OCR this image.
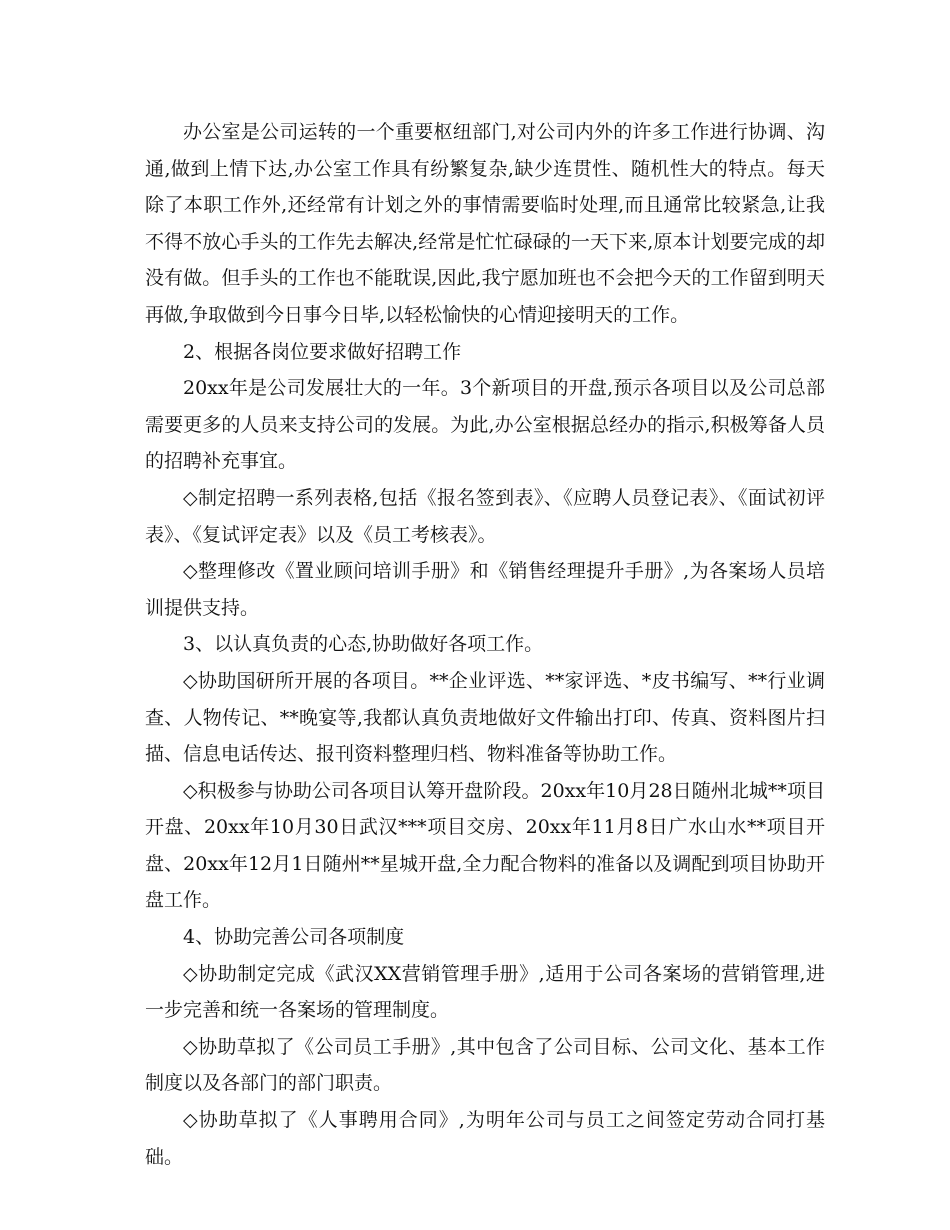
办公室是公司运转的一个重要枢纽部门,对公司内外的许多工作进行协调、沟通,做到上情下达,办公室工作具有纷繁复杂,缺少连贯性、随机性大的特点。每天除了本职工作外,还经常有计划之外的事情需要临时处理,而且通常比较紧急,让我不得不放心手头的工作先去解决,经常是忙忙碌碌的一天下来,原本计划要完成的却没有做。但手头的工作也不能耽误,因此,我宁愿加班也不会把今天的工作留到明天再做,争取做到今日事今日毕,以轻松愉快的心情迎接明天的工作。

2、根据各岗位要求做好招聘工作

20xx年是公司发展壮大的一年。3个新项目的开盘,预示各项目以及公司总部需要更多的人员来支持公司的发展。为此,办公室根据总经办的指示,积极筹备人员的招聘补充事宜。

◇制定招聘一系列表格,包括《报名签到表》、《应聘人员登记表》、《面试初评表》、《复试评定表》以及《员工考核表》。

◇整理修改《置业顾问培训手册》和《销售经理提升手册》,为各案场人员培训提供支持。

3、以认真负责的心态,协助做好各项工作。

◇协助国研所开展的各项目。**企业评选、**家评选、*皮书编写、**行业调查、人物传记、**晚宴等,我都认真负责地做好文件输出打印、传真、资料图片扫描、信息电话传达、报刊资料整理归档、物料准备等协助工作。

◇积极参与协助公司各项目认筹开盘阶段。20xx年10月28日随州北城**项目开盘、20xx年10月30日武汉***项目交房、20xx年11月8日广水山水**项目开盘、20xx年12月1日随州**星城开盘,全力配合物料的准备以及调配到项目协助开盘工作。

4、协助完善公司各项制度

◇协助制定完成《武汉XX营销管理手册》,适用于公司各案场的营销管理,进一步完善和统一各案场的管理制度。

◇协助草拟了《公司员工手册》,其中包含了公司目标、公司文化、基本工作制度以及各部门的部门职责。

◇协助草拟了《人事聘用合同》,为明年公司与员工之间签定劳动合同打基础。
